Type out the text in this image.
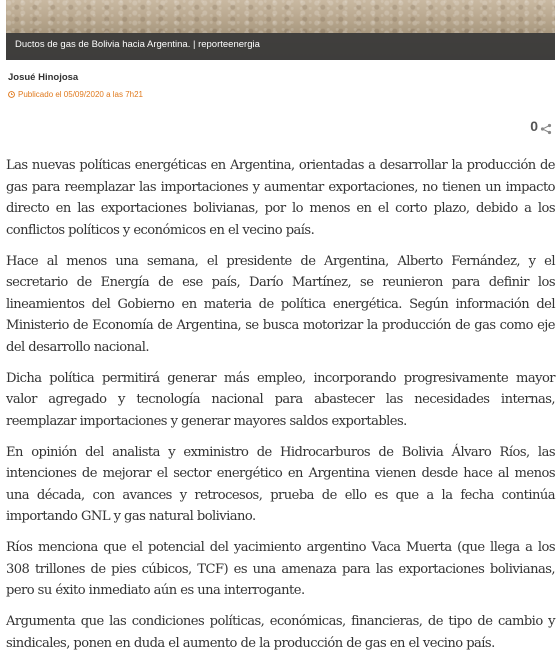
Ductos de gas de Bolivia hacia Argentina. | reporteenergia
Josué Hinojosa
Publicado el 05/09/2020 a las 7h21
0

Las nuevas políticas energéticas en Argentina, orientadas a desarrollar la producción de gas para reemplazar las importaciones y aumentar exportaciones, no tienen un impacto directo en las exportaciones bolivianas, por lo menos en el corto plazo, debido a los conflictos políticos y económicos en el vecino país.

Hace al menos una semana, el presidente de Argentina, Alberto Fernández, y el secretario de Energía de ese país, Darío Martínez, se reunieron para definir los lineamientos del Gobierno en materia de política energética. Según información del Ministerio de Economía de Argentina, se busca motorizar la producción de gas como eje del desarrollo nacional.

Dicha política permitirá generar más empleo, incorporando progresivamente mayor valor agregado y tecnología nacional para abastecer las necesidades internas, reemplazar importaciones y generar mayores saldos exportables.

En opinión del analista y exministro de Hidrocarburos de Bolivia Álvaro Ríos, las intenciones de mejorar el sector energético en Argentina vienen desde hace al menos una década, con avances y retrocesos, prueba de ello es que a la fecha continúa importando GNL y gas natural boliviano.

Ríos menciona que el potencial del yacimiento argentino Vaca Muerta (que llega a los 308 trillones de pies cúbicos, TCF) es una amenaza para las exportaciones bolivianas, pero su éxito inmediato aún es una interrogante.

Argumenta que las condiciones políticas, económicas, financieras, de tipo de cambio y sindicales, ponen en duda el aumento de la producción de gas en el vecino país.
